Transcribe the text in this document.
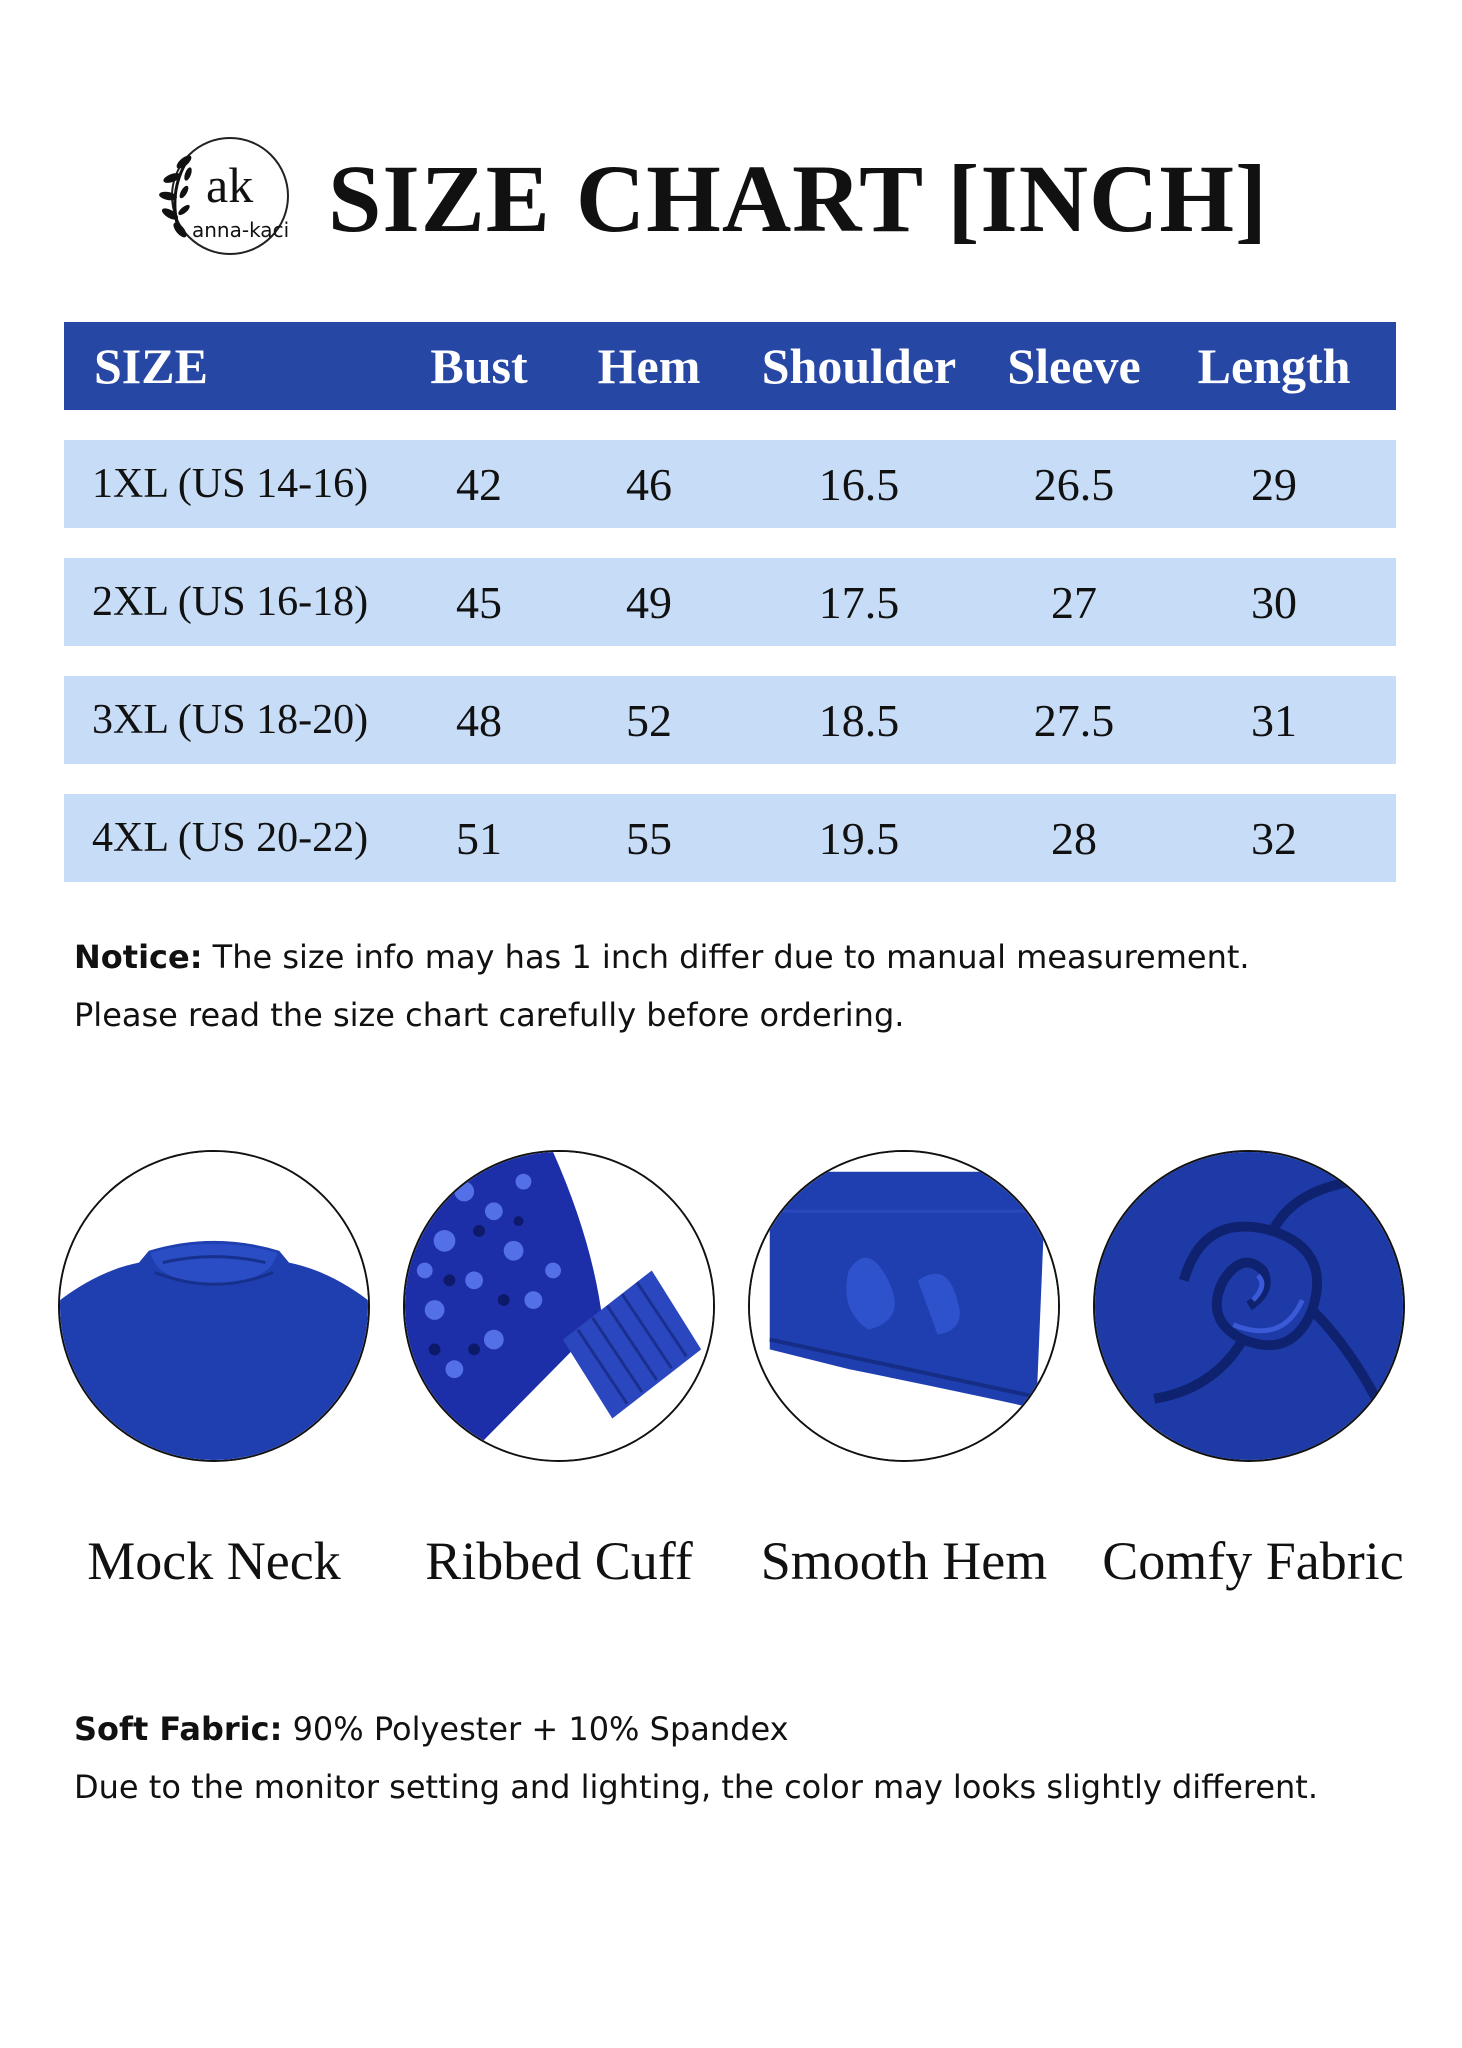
ak
anna-kaci SIZE CHART [INCH]
SIZE	Bust	Hem	Shoulder	Sleeve	Length
1XL (US 14-16)	42	46	16.5	26.5	29
2XL (US 16-18)	45	49	17.5	27	30
3XL (US 18-20)	48	52	18.5	27.5	31
4XL (US 20-22)	51	55	19.5	28	32
Notice: The size info may has 1 inch differ due to manual measurement.
Please read the size chart carefully before ordering.
Mock Neck	Ribbed Cuff	Smooth Hem	Comfy Fabric
Soft Fabric: 90% Polyester + 10% Spandex
Due to the monitor setting and lighting, the color may looks slightly different.
